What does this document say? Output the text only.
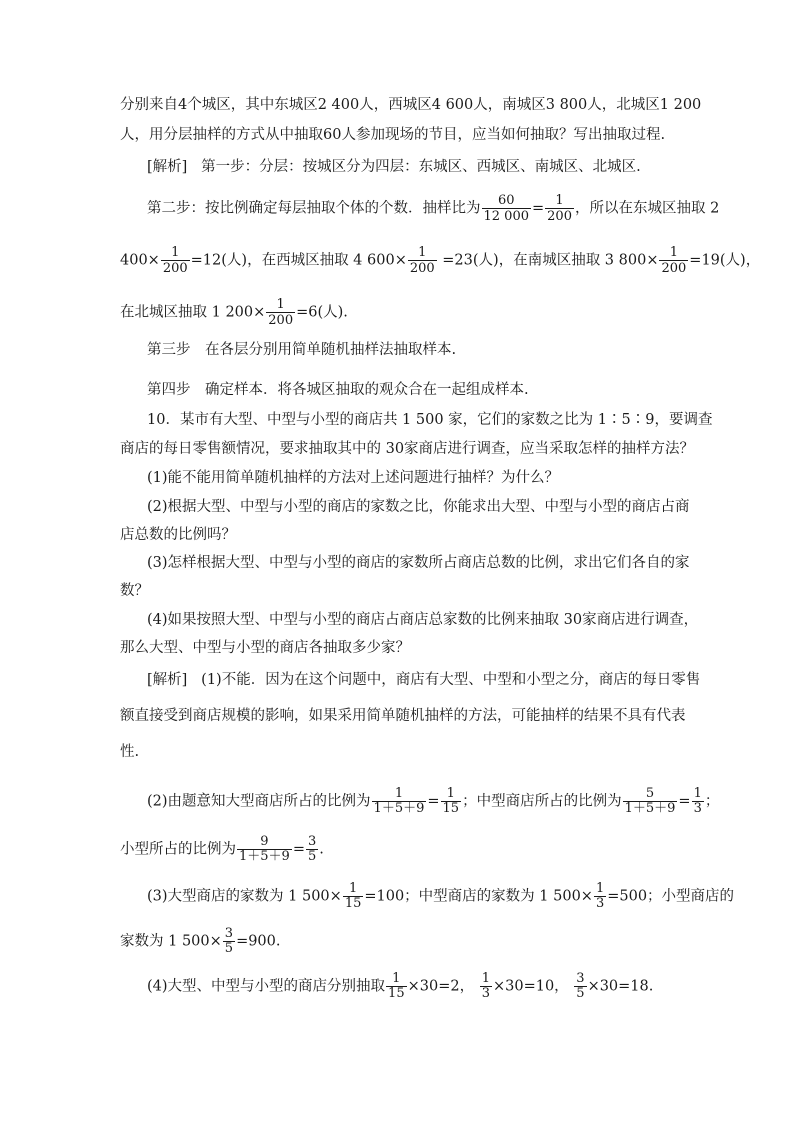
分别来自4个城区，其中东城区2 400人，西城区4 600人，南城区3 800人，北城区1 200
人，用分层抽样的方式从中抽取60人参加现场的节目，应当如何抽取？写出抽取过程.
[解析] 第一步：分层：按城区分为四层：东城区、西城区、南城区、北城区.
第二步：按比例确定每层抽取个体的个数．抽样比为 $\frac{60}{12 000} = \frac{1}{200}$ ，所以在东城区抽取 2
$400\times \frac{1}{200} =12$(人)，在西城区抽取 4 $600\times \frac{1}{200} =23$(人)，在南城区抽取 3 $800\times \frac{1}{200} =19$(人)，
在北城区抽取 1 $200\times \frac{1}{200} =6$(人).
第三步　在各层分别用简单随机抽样法抽取样本.
第四步　确定样本．将各城区抽取的观众合在一起组成样本.
10．某市有大型、中型与小型的商店共 1 500 家，它们的家数之比为 1∶5∶9，要调查
商店的每日零售额情况，要求抽取其中的 30家商店进行调查，应当采取怎样的抽样方法？
(1)能不能用简单随机抽样的方法对上述问题进行抽样？为什么？
(2)根据大型、中型与小型的商店的家数之比，你能求出大型、中型与小型的商店占商
店总数的比例吗？
(3)怎样根据大型、中型与小型的商店的家数所占商店总数的比例，求出它们各自的家
数？
(4)如果按照大型、中型与小型的商店占商店总家数的比例来抽取 30家商店进行调查，
那么大型、中型与小型的商店各抽取多少家？
[解析] (1)不能．因为在这个问题中，商店有大型、中型和小型之分，商店的每日零售
额直接受到商店规模的影响，如果采用简单随机抽样的方法，可能抽样的结果不具有代表
性.
(2)由题意知大型商店所占的比例为 $\frac{1}{1+5+9} = \frac{1}{15}$ ；中型商店所占的比例为 $\frac{5}{1+5+9} = \frac{1}{3}$ ；
小型所占的比例为 $\frac{9}{1+5+9} = \frac{3}{5}$ .
(3)大型商店的家数为 1 $500\times \frac{1}{15} =100$；中型商店的家数为 1 $500\times \frac{1}{3} =500$；小型商店的
家数为 1 $500\times \frac{3}{5} =900$.
(4)大型、中型与小型的商店分别抽取 $\frac{1}{15} \times 30=2$， $\frac{1}{3} \times 30=10$， $\frac{3}{5} \times 30=18$.
